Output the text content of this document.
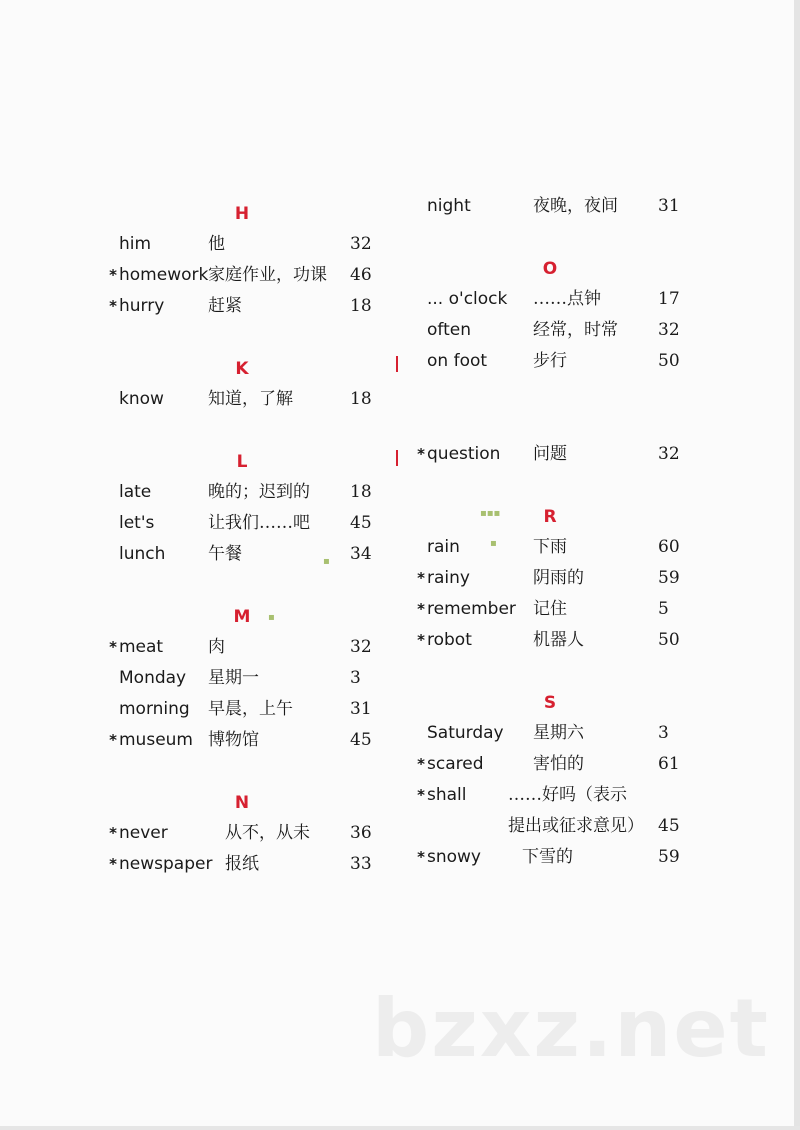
H
him	他	32
* homework 家庭作业，功课 46
* hurry	赶紧	18
K
know	知道，了解	18
L
late	晚的；迟到的 18
let's	让我们……吧 45
lunch	午餐	34
M
* meat	肉	32
Monday 星期一	3
morning 早晨，上午	31
* museum 博物馆	45
N
* never	从不，从未 36
* newspaper 报纸	33
▪
▪
night	夜晚，夜间 31
O
... o'clock ……点钟	17
often	经常，时常 32
on foot	步行	50
* question 问题	32
R
rain	下雨	60
* rainy	阴雨的	59
* remember 记住	5
* robot	机器人	50
S
Saturday 星期六	3
* scared	害怕的	61
* shall ……好吗（表示
提出或征求意见） 45
* snowy 下雪的	59
▪▪▪
▪
bzxz.net
